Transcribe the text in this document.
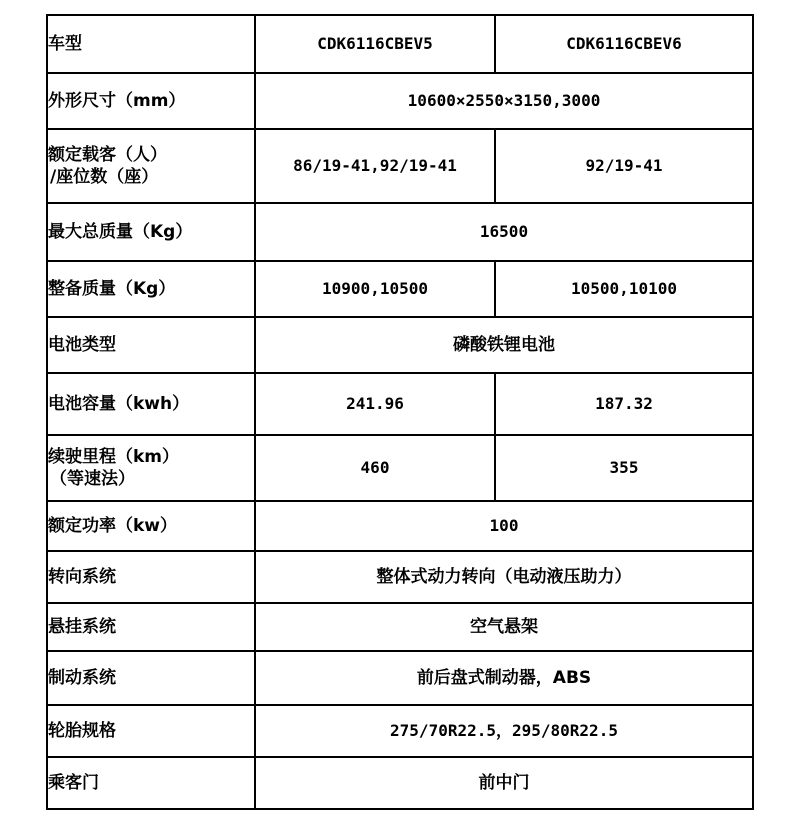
车型	CDK6116CBEV5	CDK6116CBEV6
外形尺寸（mm）	10600×2550×3150,3000	

额定载客（人）
/座位数（座）	86/19-41,92/19-41	92/19-41
最大总质量（Kg）	16500	
整备质量（Kg）	10900,10500	10500,10100
电池类型	磷酸铁锂电池	
电池容量（kwh）	241.96	187.32

续驶里程（km）
（等速法）	460	355
额定功率（kw）	100	
转向系统	整体式动力转向（电动液压助力）	
悬挂系统	空气悬架	
制动系统	前后盘式制动器，ABS	
轮胎规格	275/70R22.5，295/80R22.5	
乘客门	前中门	
